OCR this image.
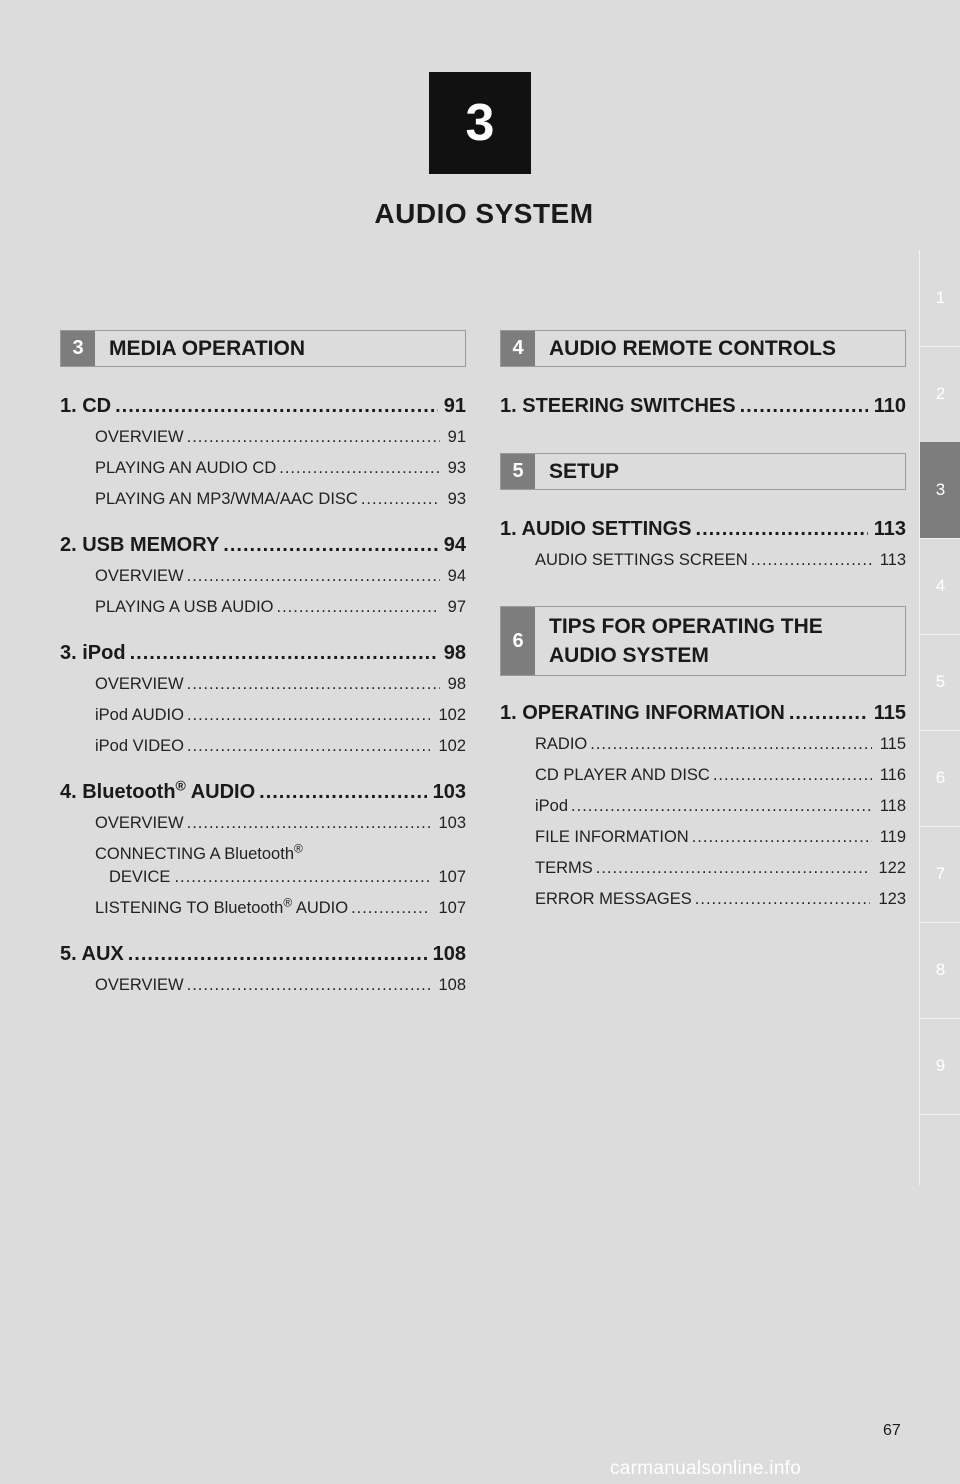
3
AUDIO SYSTEM
1
2
3
4
5
6
7
8
9
3	MEDIA OPERATION
1. CD .....	91
OVERVIEW .....	91
PLAYING AN AUDIO CD .....	93
PLAYING AN MP3/WMA/AAC DISC .....	93
2. USB MEMORY .....	94
OVERVIEW .....	94
PLAYING A USB AUDIO .....	97
3. iPod .....	98
OVERVIEW .....	98
iPod AUDIO .....	102
iPod VIDEO .....	102
4. Bluetooth® AUDIO .....	103
OVERVIEW .....	103
CONNECTING A Bluetooth®
DEVICE .....	107
LISTENING TO Bluetooth® AUDIO .....	107
5. AUX .....	108
OVERVIEW .....	108
4	AUDIO REMOTE CONTROLS
1. STEERING SWITCHES .....	110
5	SETUP
1. AUDIO SETTINGS .....	113
AUDIO SETTINGS SCREEN .....	113
6
TIPS FOR OPERATING THE
AUDIO SYSTEM
1. OPERATING INFORMATION .....	115
RADIO .....	115
CD PLAYER AND DISC .....	116
iPod .....	118
FILE INFORMATION .....	119
TERMS .....	122
ERROR MESSAGES .....	123
67
carmanualsonline.info
